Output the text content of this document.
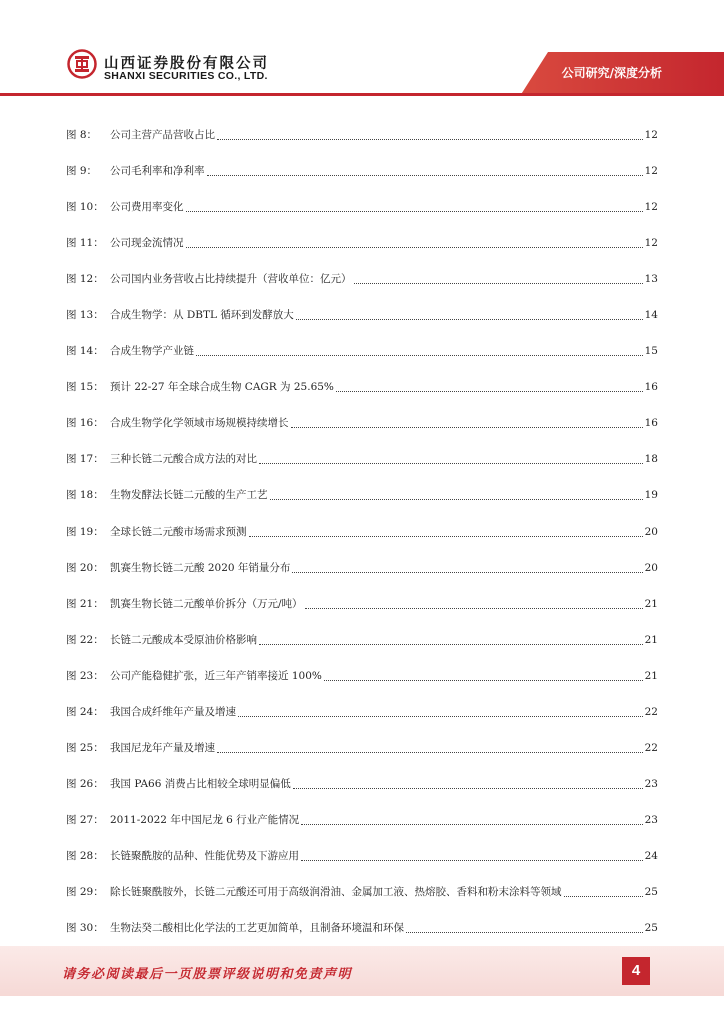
山西证券股份有限公司
SHANXI SECURITIES CO., LTD.	公司研究/深度分析
图 8：	公司主营产品营收占比	12
图 9：	公司毛利率和净利率	12
图 10： 公司费用率变化	12
图 11： 公司现金流情况	12
图 12： 公司国内业务营收占比持续提升（营收单位：亿元）	13
图 13： 合成生物学：从 DBTL 循环到发酵放大	14
图 14： 合成生物学产业链	15
图 15： 预计 22-27 年全球合成生物 CAGR 为 25.65%	16
图 16： 合成生物学化学领域市场规模持续增长	16
图 17： 三种长链二元酸合成方法的对比	18
图 18： 生物发酵法长链二元酸的生产工艺	19
图 19： 全球长链二元酸市场需求预测	20
图 20： 凯赛生物长链二元酸 2020 年销量分布	20
图 21： 凯赛生物长链二元酸单价拆分（万元/吨）	21
图 22： 长链二元酸成本受原油价格影响	21
图 23： 公司产能稳健扩张，近三年产销率接近 100%	21
图 24： 我国合成纤维年产量及增速	22
图 25： 我国尼龙年产量及增速	22
图 26： 我国 PA66 消费占比相较全球明显偏低	23
图 27： 2011-2022 年中国尼龙 6 行业产能情况	23
图 28： 长链聚酰胺的品种、性能优势及下游应用	24
图 29： 除长链聚酰胺外，长链二元酸还可用于高级润滑油、金属加工液、热熔胶、香料和粉末涂料等领域	25
图 30： 生物法癸二酸相比化学法的工艺更加简单，且制备环境温和环保	25
请务必阅读最后一页股票评级说明和免责声明	4
